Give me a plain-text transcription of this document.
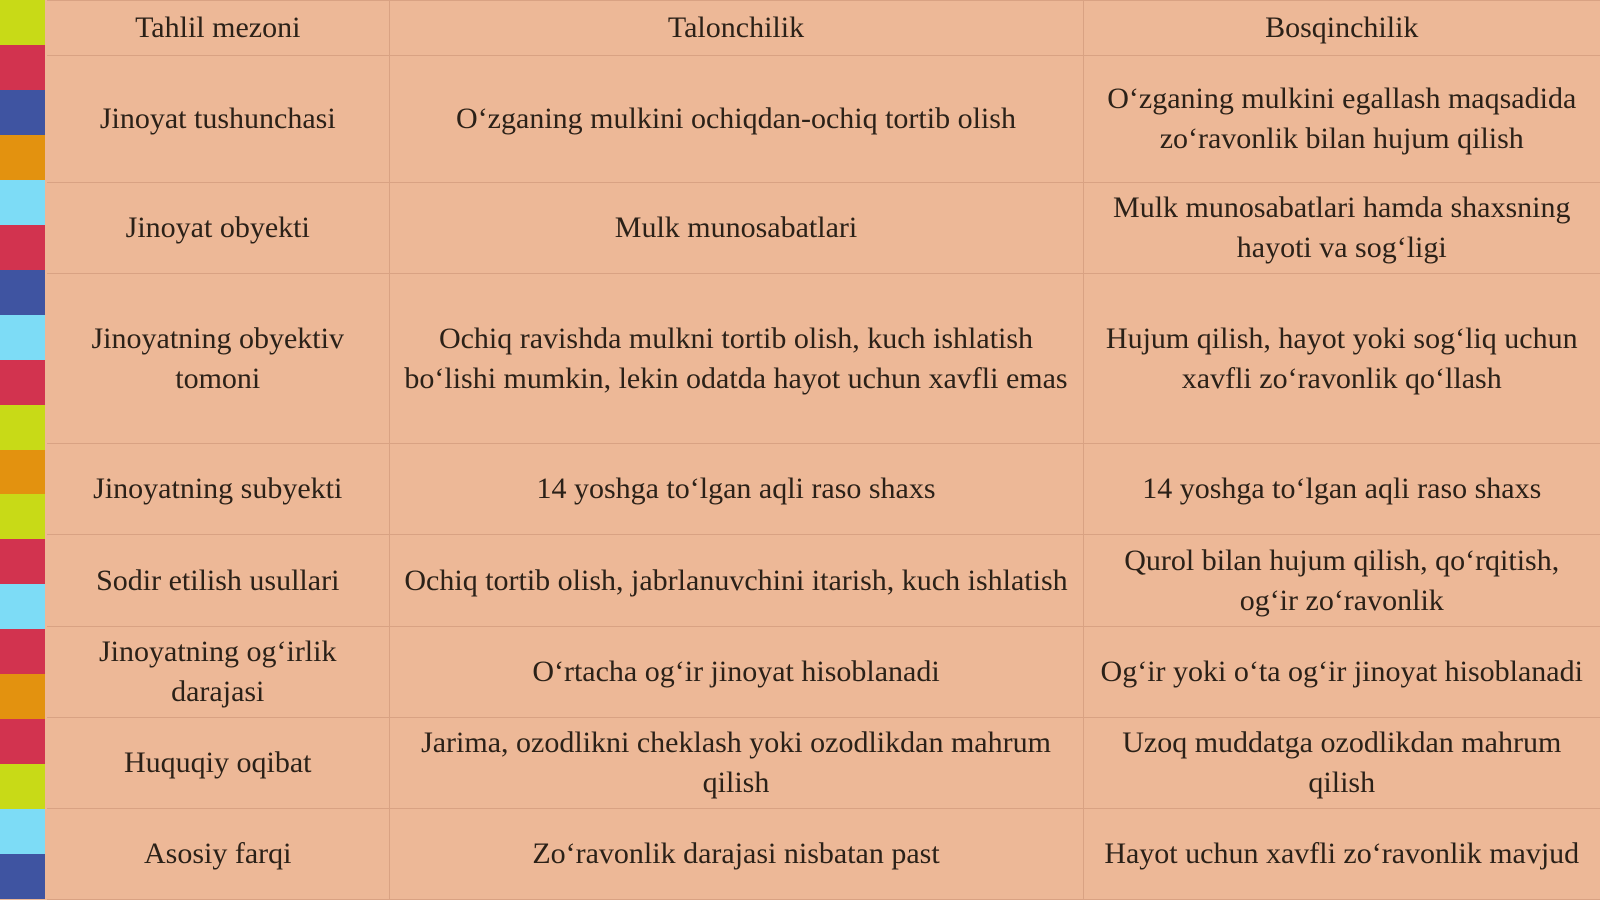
Tahlil mezoni	Talonchilik	Bosqinchilik
Jinoyat tushunchasi	O‘zganing mulkini ochiqdan-ochiq tortib olish	O‘zganing mulkini egallash maqsadida zo‘ravonlik bilan hujum qilish
Jinoyat obyekti	Mulk munosabatlari	Mulk munosabatlari hamda shaxsning hayoti va sog‘ligi
Jinoyatning obyektiv tomoni	Ochiq ravishda mulkni tortib olish, kuch ishlatish bo‘lishi mumkin, lekin odatda hayot uchun xavfli emas	Hujum qilish, hayot yoki sog‘liq uchun xavfli zo‘ravonlik qo‘llash
Jinoyatning subyekti	14 yoshga to‘lgan aqli raso shaxs	14 yoshga to‘lgan aqli raso shaxs
Sodir etilish usullari	Ochiq tortib olish, jabrlanuvchini itarish, kuch ishlatish	Qurol bilan hujum qilish, qo‘rqitish, og‘ir zo‘ravonlik
Jinoyatning og‘irlik darajasi	O‘rtacha og‘ir jinoyat hisoblanadi	Og‘ir yoki o‘ta og‘ir jinoyat hisoblanadi
Huquqiy oqibat	Jarima, ozodlikni cheklash yoki ozodlikdan mahrum qilish	Uzoq muddatga ozodlikdan mahrum qilish
Asosiy farqi	Zo‘ravonlik darajasi nisbatan past	Hayot uchun xavfli zo‘ravonlik mavjud
